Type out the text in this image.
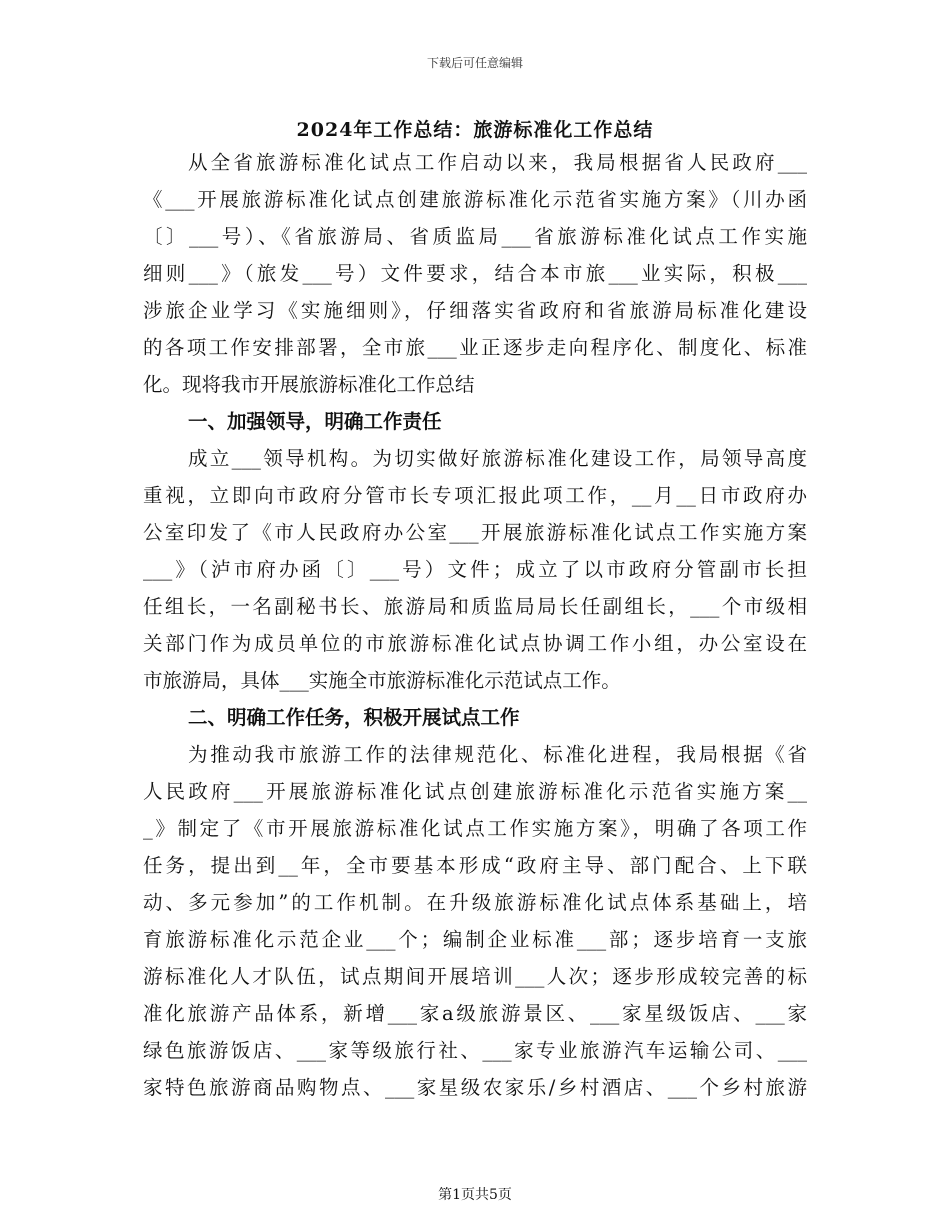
下载后可任意编辑
2024年工作总结：旅游标准化工作总结
从全省旅游标准化试点工作启动以来，我局根据省人民政府___
《___开展旅游标准化试点创建旅游标准化示范省实施方案》（川办函
〔〕___号）、《省旅游局、省质监局___省旅游标准化试点工作实施
细则___》（旅发___号）文件要求，结合本市旅___业实际，积极___
涉旅企业学习《实施细则》，仔细落实省政府和省旅游局标准化建设
的各项工作安排部署，全市旅___业正逐步走向程序化、制度化、标准
化。现将我市开展旅游标准化工作总结
一、加强领导，明确工作责任
成立___领导机构。为切实做好旅游标准化建设工作，局领导高度
重视，立即向市政府分管市长专项汇报此项工作，__月__日市政府办
公室印发了《市人民政府办公室___开展旅游标准化试点工作实施方案
___》（泸市府办函〔〕___号）文件；成立了以市政府分管副市长担
任组长，一名副秘书长、旅游局和质监局局长任副组长，___个市级相
关部门作为成员单位的市旅游标准化试点协调工作小组，办公室设在
市旅游局，具体___实施全市旅游标准化示范试点工作。
二、明确工作任务，积极开展试点工作
为推动我市旅游工作的法律规范化、标准化进程，我局根据《省
人民政府___开展旅游标准化试点创建旅游标准化示范省实施方案__
_》制定了《市开展旅游标准化试点工作实施方案》，明确了各项工作
任务，提出到__年，全市要基本形成“政府主导、部门配合、上下联
动、多元参加”的工作机制。在升级旅游标准化试点体系基础上，培
育旅游标准化示范企业___个；编制企业标准___部；逐步培育一支旅
游标准化人才队伍，试点期间开展培训___人次；逐步形成较完善的标
准化旅游产品体系，新增___家a级旅游景区、___家星级饭店、___家
绿色旅游饭店、___家等级旅行社、___家专业旅游汽车运输公司、___
家特色旅游商品购物点、___家星级农家乐/乡村酒店、___个乡村旅游
第1页共5页
